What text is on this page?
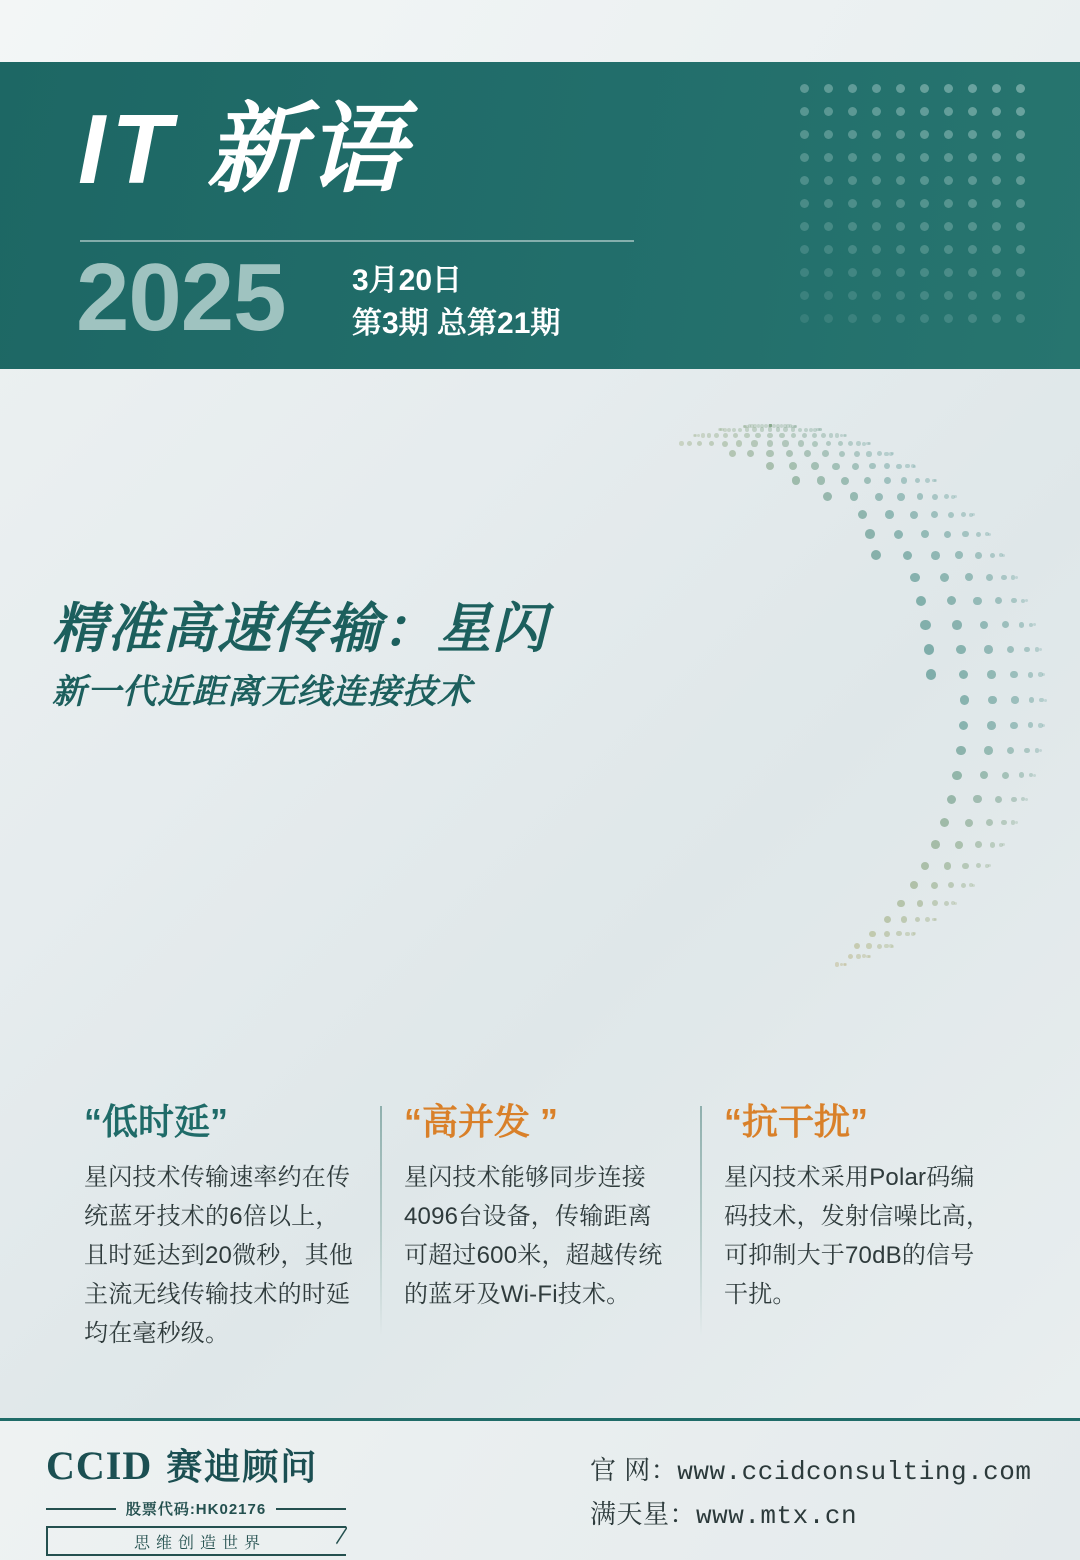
IT 新语
2025 3月20日
第3期 总第21期
精准高速传输：星闪
新一代近距离无线连接技术
“低时延”
星闪技术传输速率约在传统蓝牙技术的6倍以上，且时延达到20微秒，其他主流无线传输技术的时延均在毫秒级。
“高并发 ”
星闪技术能够同步连接4096台设备，传输距离可超过600米，超越传统的蓝牙及Wi-Fi技术。
“抗干扰”
星闪技术采用Polar码编码技术，发射信噪比高，可抑制大于70dB的信号干扰。
CCID 赛迪顾问
股票代码:HK02176
思维创造世界
官 网：www.ccidconsulting.com
满天星：www.mtx.cn
